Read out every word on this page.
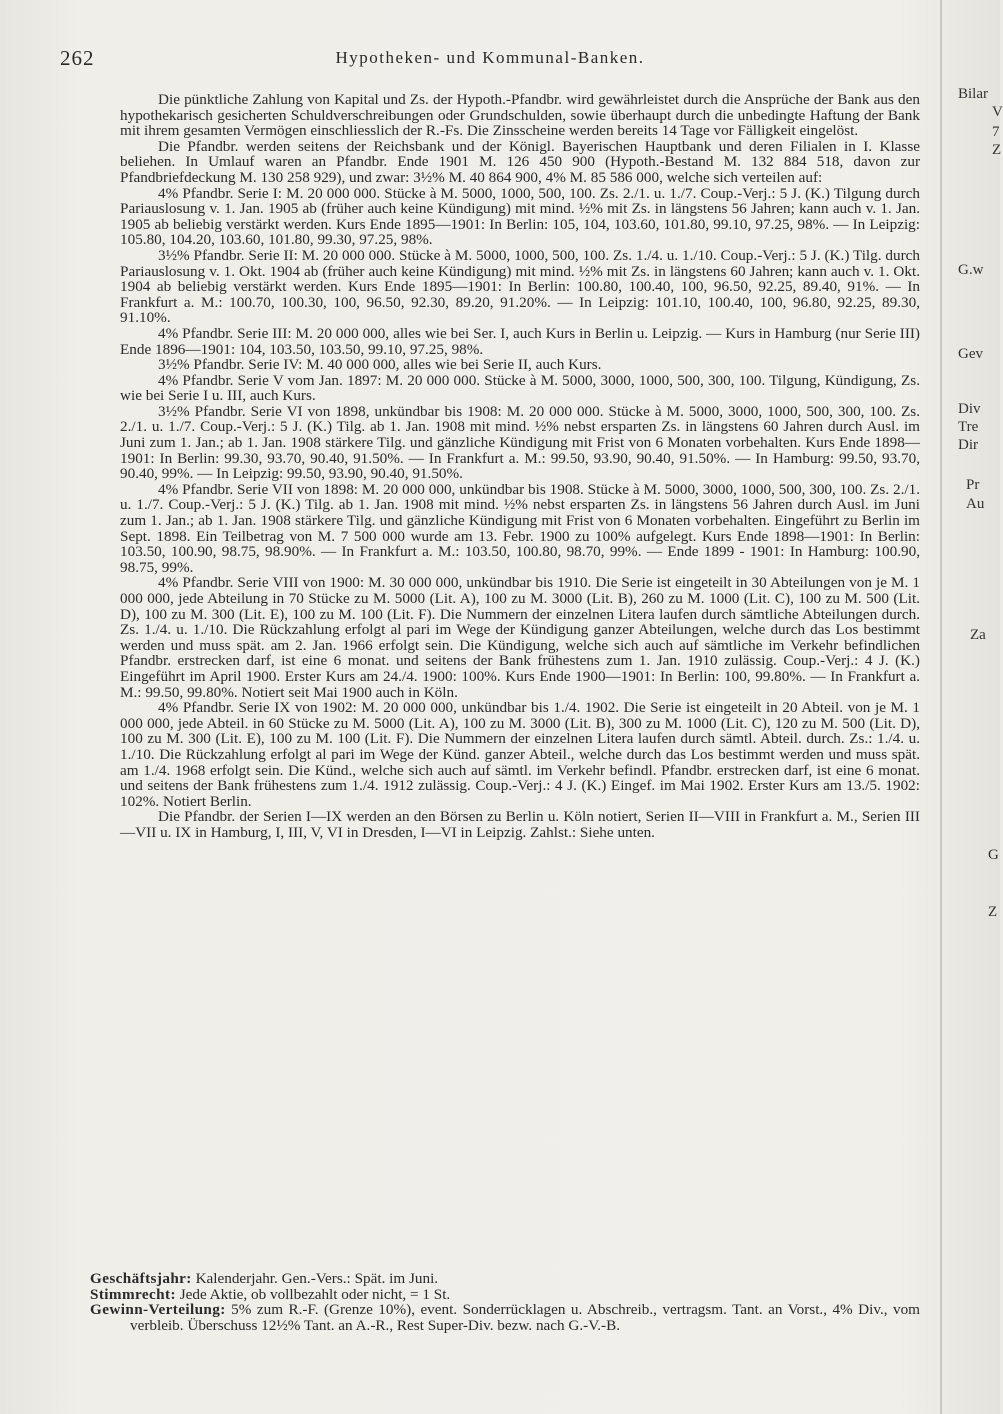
262	Hypotheken- und Kommunal-Banken.

Die pünktliche Zahlung von Kapital und Zs. der Hypoth.-Pfandbr. wird gewährleistet durch die Ansprüche der Bank aus den hypothekarisch gesicherten Schuldverschreibungen oder Grundschulden, sowie überhaupt durch die unbedingte Haftung der Bank mit ihrem gesamten Vermögen einschliesslich der R.-Fs. Die Zinsscheine werden bereits 14 Tage vor Fälligkeit eingelöst.

Die Pfandbr. werden seitens der Reichsbank und der Königl. Bayerischen Hauptbank und deren Filialen in I. Klasse beliehen. In Umlauf waren an Pfandbr. Ende 1901 M. 126 450 900 (Hypoth.-Bestand M. 132 884 518, davon zur Pfandbriefdeckung M. 130 258 929), und zwar: 3½% M. 40 864 900, 4% M. 85 586 000, welche sich verteilen auf:

4% Pfandbr. Serie I: M. 20 000 000. Stücke à M. 5000, 1000, 500, 100. Zs. 2./1. u. 1./7. Coup.-Verj.: 5 J. (K.) Tilgung durch Pariauslosung v. 1. Jan. 1905 ab (früher auch keine Kündigung) mit mind. ½% mit Zs. in längstens 56 Jahren; kann auch v. 1. Jan. 1905 ab beliebig verstärkt werden. Kurs Ende 1895—1901: In Berlin: 105, 104, 103.60, 101.80, 99.10, 97.25, 98%. — In Leipzig: 105.80, 104.20, 103.60, 101.80, 99.30, 97.25, 98%.

3½% Pfandbr. Serie II: M. 20 000 000. Stücke à M. 5000, 1000, 500, 100. Zs. 1./4. u. 1./10. Coup.-Verj.: 5 J. (K.) Tilg. durch Pariauslosung v. 1. Okt. 1904 ab (früher auch keine Kündigung) mit mind. ½% mit Zs. in längstens 60 Jahren; kann auch v. 1. Okt. 1904 ab beliebig verstärkt werden. Kurs Ende 1895—1901: In Berlin: 100.80, 100.40, 100, 96.50, 92.25, 89.40, 91%. — In Frankfurt a. M.: 100.70, 100.30, 100, 96.50, 92.30, 89.20, 91.20%. — In Leipzig: 101.10, 100.40, 100, 96.80, 92.25, 89.30, 91.10%.

4% Pfandbr. Serie III: M. 20 000 000, alles wie bei Ser. I, auch Kurs in Berlin u. Leipzig. — Kurs in Hamburg (nur Serie III) Ende 1896—1901: 104, 103.50, 103.50, 99.10, 97.25, 98%.

3½% Pfandbr. Serie IV: M. 40 000 000, alles wie bei Serie II, auch Kurs.

4% Pfandbr. Serie V vom Jan. 1897: M. 20 000 000. Stücke à M. 5000, 3000, 1000, 500, 300, 100. Tilgung, Kündigung, Zs. wie bei Serie I u. III, auch Kurs.

3½% Pfandbr. Serie VI von 1898, unkündbar bis 1908: M. 20 000 000. Stücke à M. 5000, 3000, 1000, 500, 300, 100. Zs. 2./1. u. 1./7. Coup.-Verj.: 5 J. (K.) Tilg. ab 1. Jan. 1908 mit mind. ½% nebst ersparten Zs. in längstens 60 Jahren durch Ausl. im Juni zum 1. Jan.; ab 1. Jan. 1908 stärkere Tilg. und gänzliche Kündigung mit Frist von 6 Monaten vorbehalten. Kurs Ende 1898—1901: In Berlin: 99.30, 93.70, 90.40, 91.50%. — In Frankfurt a. M.: 99.50, 93.90, 90.40, 91.50%. — In Hamburg: 99.50, 93.70, 90.40, 99%. — In Leipzig: 99.50, 93.90, 90.40, 91.50%.

4% Pfandbr. Serie VII von 1898: M. 20 000 000, unkündbar bis 1908. Stücke à M. 5000, 3000, 1000, 500, 300, 100. Zs. 2./1. u. 1./7. Coup.-Verj.: 5 J. (K.) Tilg. ab 1. Jan. 1908 mit mind. ½% nebst ersparten Zs. in längstens 56 Jahren durch Ausl. im Juni zum 1. Jan.; ab 1. Jan. 1908 stärkere Tilg. und gänzliche Kündigung mit Frist von 6 Monaten vorbehalten. Eingeführt zu Berlin im Sept. 1898. Ein Teilbetrag von M. 7 500 000 wurde am 13. Febr. 1900 zu 100% aufgelegt. Kurs Ende 1898—1901: In Berlin: 103.50, 100.90, 98.75, 98.90%. — In Frankfurt a. M.: 103.50, 100.80, 98.70, 99%. — Ende 1899 - 1901: In Hamburg: 100.90, 98.75, 99%.

4% Pfandbr. Serie VIII von 1900: M. 30 000 000, unkündbar bis 1910. Die Serie ist eingeteilt in 30 Abteilungen von je M. 1 000 000, jede Abteilung in 70 Stücke zu M. 5000 (Lit. A), 100 zu M. 3000 (Lit. B), 260 zu M. 1000 (Lit. C), 100 zu M. 500 (Lit. D), 100 zu M. 300 (Lit. E), 100 zu M. 100 (Lit. F). Die Nummern der einzelnen Litera laufen durch sämtliche Abteilungen durch. Zs. 1./4. u. 1./10. Die Rückzahlung erfolgt al pari im Wege der Kündigung ganzer Abteilungen, welche durch das Los bestimmt werden und muss spät. am 2. Jan. 1966 erfolgt sein. Die Kündigung, welche sich auch auf sämtliche im Verkehr befindlichen Pfandbr. erstrecken darf, ist eine 6 monat. und seitens der Bank frühestens zum 1. Jan. 1910 zulässig. Coup.-Verj.: 4 J. (K.) Eingeführt im April 1900. Erster Kurs am 24./4. 1900: 100%. Kurs Ende 1900—1901: In Berlin: 100, 99.80%. — In Frankfurt a. M.: 99.50, 99.80%. Notiert seit Mai 1900 auch in Köln.

4% Pfandbr. Serie IX von 1902: M. 20 000 000, unkündbar bis 1./4. 1902. Die Serie ist eingeteilt in 20 Abteil. von je M. 1 000 000, jede Abteil. in 60 Stücke zu M. 5000 (Lit. A), 100 zu M. 3000 (Lit. B), 300 zu M. 1000 (Lit. C), 120 zu M. 500 (Lit. D), 100 zu M. 300 (Lit. E), 100 zu M. 100 (Lit. F). Die Nummern der einzelnen Litera laufen durch sämtl. Abteil. durch. Zs.: 1./4. u. 1./10. Die Rückzahlung erfolgt al pari im Wege der Künd. ganzer Abteil., welche durch das Los bestimmt werden und muss spät. am 1./4. 1968 erfolgt sein. Die Künd., welche sich auch auf sämtl. im Verkehr befindl. Pfandbr. erstrecken darf, ist eine 6 monat. und seitens der Bank frühestens zum 1./4. 1912 zulässig. Coup.-Verj.: 4 J. (K.) Eingef. im Mai 1902. Erster Kurs am 13./5. 1902: 102%. Notiert Berlin.

Die Pfandbr. der Serien I—IX werden an den Börsen zu Berlin u. Köln notiert, Serien II—VIII in Frankfurt a. M., Serien III—VII u. IX in Hamburg, I, III, V, VI in Dresden, I—VI in Leipzig. Zahlst.: Siehe unten.

Geschäftsjahr: Kalenderjahr. Gen.-Vers.: Spät. im Juni.

Stimmrecht: Jede Aktie, ob vollbezahlt oder nicht, = 1 St.

Gewinn-Verteilung: 5% zum R.-F. (Grenze 10%), event. Sonderrücklagen u. Abschreib., vertragsm. Tant. an Vorst., 4% Div., vom verbleib. Überschuss 12½% Tant. an A.-R., Rest Super-Div. bezw. nach G.-V.-B.

Bilar
V
7
Z
G.w
Gev
Div
Tre
Dir
Pr
Au
Za
G
Z
